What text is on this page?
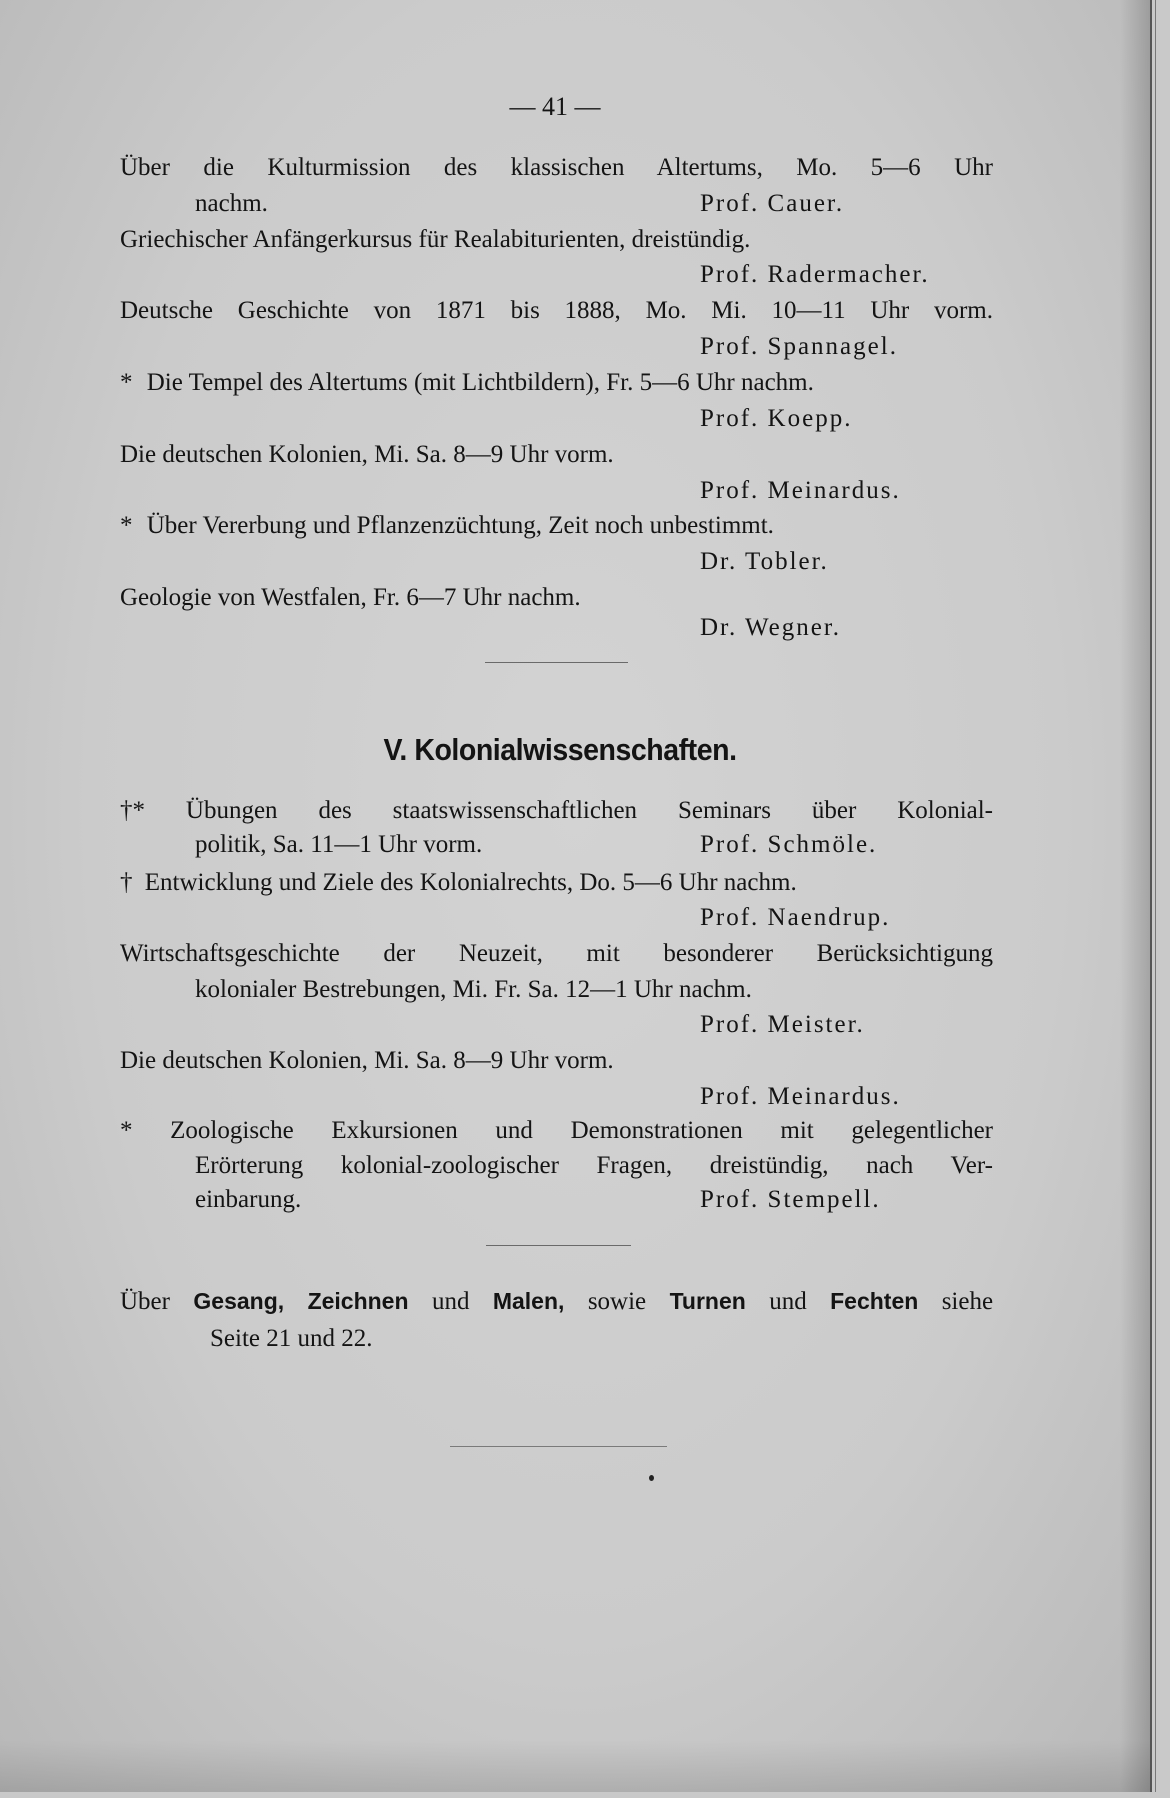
— 41 —
Über die Kulturmission des klassischen Altertums, Mo. 5—6 Uhr
nachm.	Prof. Cauer.
Griechischer Anfängerkursus für Realabiturienten, dreistündig.
Prof. Radermacher.
Deutsche Geschichte von 1871 bis 1888, Mo. Mi. 10—11 Uhr vorm.
Prof. Spannagel.
* Die Tempel des Altertums (mit Lichtbildern), Fr. 5—6 Uhr nachm.
Prof. Koepp.
Die deutschen Kolonien, Mi. Sa. 8—9 Uhr vorm.
Prof. Meinardus.
* Über Vererbung und Pflanzenzüchtung, Zeit noch unbestimmt.
Dr. Tobler.
Geologie von Westfalen, Fr. 6—7 Uhr nachm.
Dr. Wegner.
V. Kolonialwissenschaften.
†* Übungen des staatswissenschaftlichen Seminars über Kolonial-
politik, Sa. 11—1 Uhr vorm.	Prof. Schmöle.
† Entwicklung und Ziele des Kolonialrechts, Do. 5—6 Uhr nachm.
Prof. Naendrup.
Wirtschaftsgeschichte der Neuzeit, mit besonderer Berücksichtigung
kolonialer Bestrebungen, Mi. Fr. Sa. 12—1 Uhr nachm.
Prof. Meister.
Die deutschen Kolonien, Mi. Sa. 8—9 Uhr vorm.
Prof. Meinardus.
* Zoologische Exkursionen und Demonstrationen mit gelegentlicher
Erörterung kolonial-zoologischer Fragen, dreistündig, nach Ver-
einbarung.	Prof. Stempell.
Über Gesang, Zeichnen und Malen, sowie Turnen und Fechten siehe
Seite 21 und 22.
